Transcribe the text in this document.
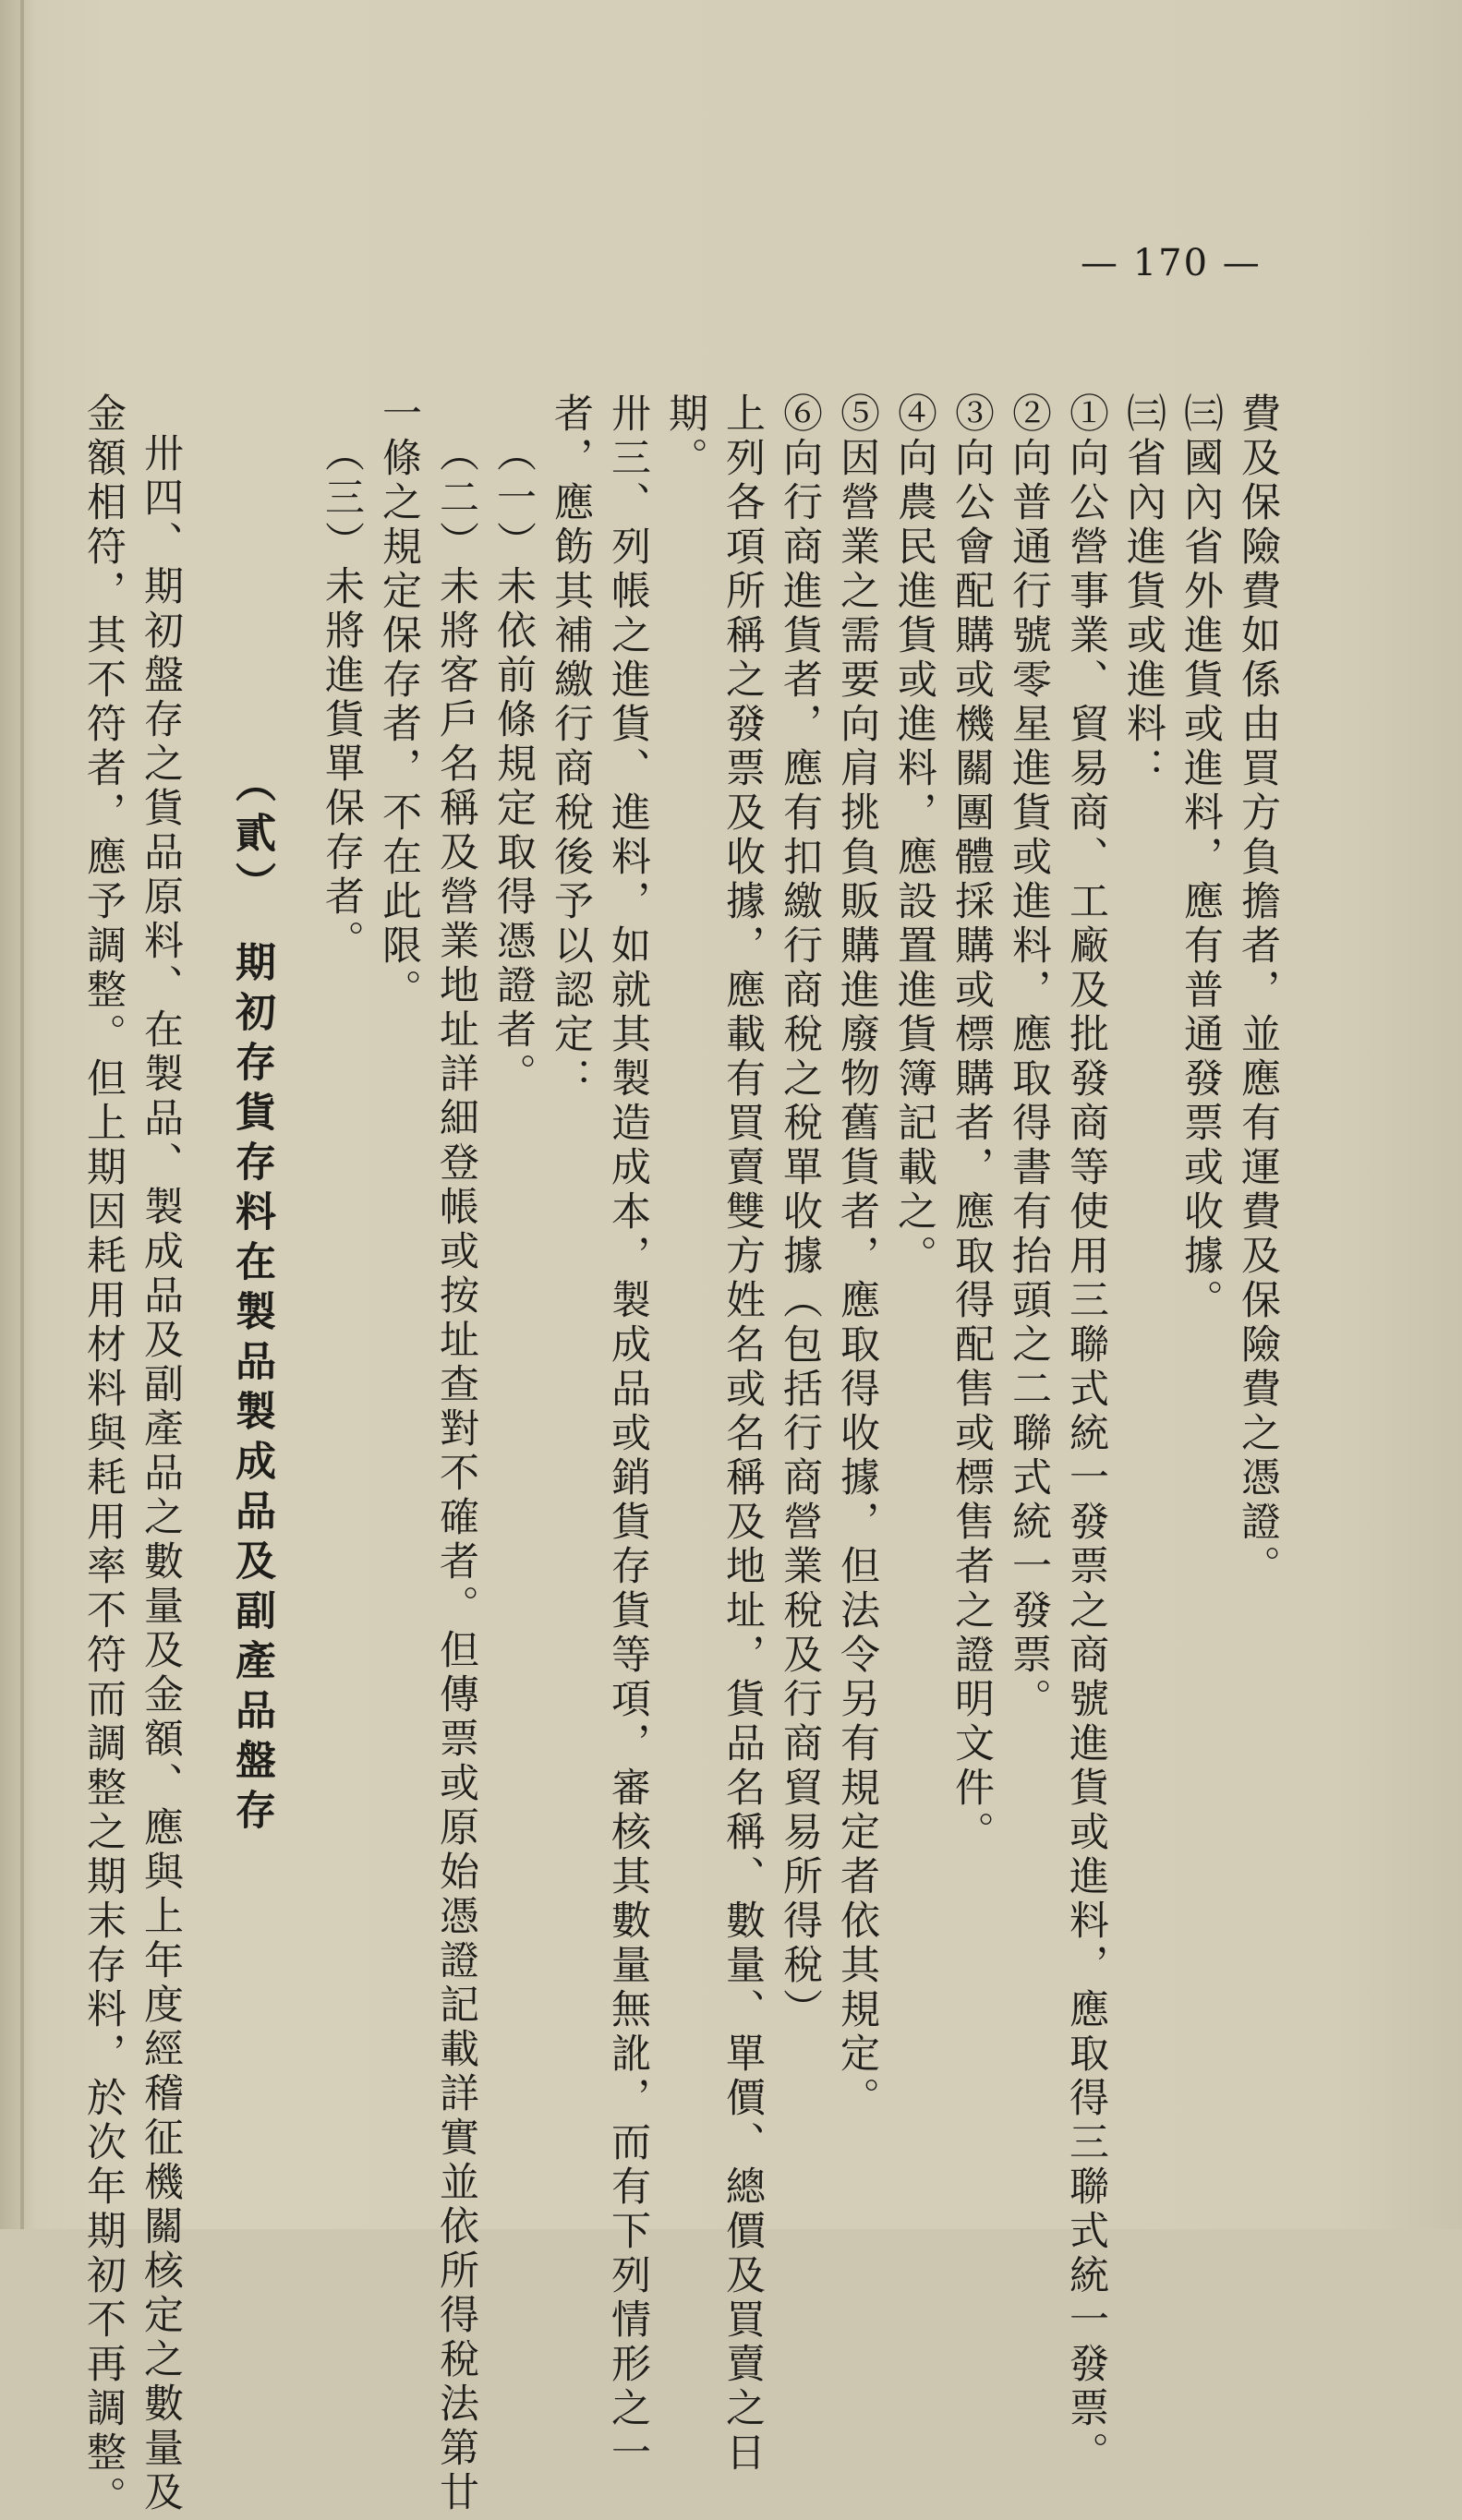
— 170 —
費及保險費如係由買方負擔者，並應有運費及保險費之憑證。
㈢國內省外進貨或進料，應有普通發票或收據。
㈢省內進貨或進料：
①向公營事業、貿易商、工廠及批發商等使用三聯式統一發票之商號進貨或進料，應取得三聯式統一發票。
②向普通行號零星進貨或進料，應取得書有抬頭之二聯式統一發票。
③向公會配購或機關團體採購或標購者，應取得配售或標售者之證明文件。
④向農民進貨或進料，應設置進貨簿記載之。
⑤因營業之需要向肩挑負販購進廢物舊貨者，應取得收據，但法令另有規定者依其規定。
⑥向行商進貨者，應有扣繳行商稅之稅單收據（包括行商營業稅及行商貿易所得稅）
上列各項所稱之發票及收據，應載有買賣雙方姓名或名稱及地址，貨品名稱、數量、單價、總價及買賣之日
期。
卅三、列帳之進貨、進料，如就其製造成本，製成品或銷貨存貨等項，審核其數量無訛，而有下列情形之一
者，應飭其補繳行商稅後予以認定：
（一）未依前條規定取得憑證者。
（二）未將客戶名稱及營業地址詳細登帳或按址查對不確者。但傳票或原始憑證記載詳實並依所得稅法第廿
一條之規定保存者，不在此限。
（三）未將進貨單保存者。
（貳）　期初存貨存料在製品製成品及副產品盤存
卅四、期初盤存之貨品原料、在製品、製成品及副產品之數量及金額、應與上年度經稽征機關核定之數量及
金額相符，其不符者，應予調整。但上期因耗用材料與耗用率不符而調整之期末存料，於次年期初不再調整。
